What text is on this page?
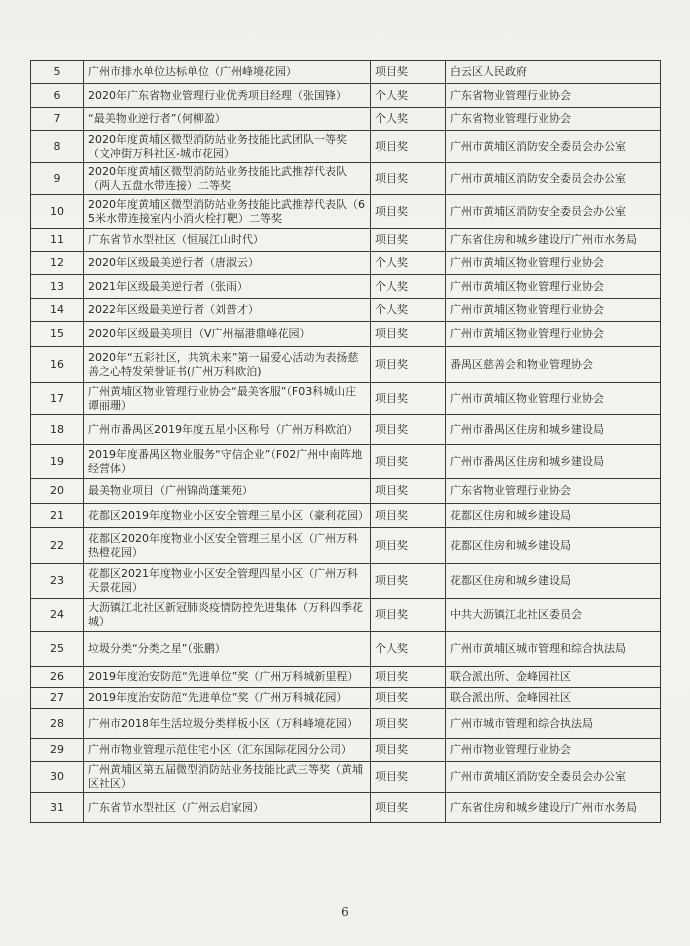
5	广州市排水单位达标单位（广州峰境花园）	项目奖	白云区人民政府
6	2020年广东省物业管理行业优秀项目经理（张国锋）	个人奖	广东省物业管理行业协会
7	“最美物业逆行者”（何柳盈）	个人奖	广东省物业管理行业协会
8	2020年度黄埔区微型消防站业务技能比武团队一等奖（文冲街万科社区-城市花园）	项目奖	广州市黄埔区消防安全委员会办公室
9	2020年度黄埔区微型消防站业务技能比武推荐代表队（两人五盘水带连接）二等奖	项目奖	广州市黄埔区消防安全委员会办公室
10	2020年度黄埔区微型消防站业务技能比武推荐代表队（65米水带连接室内小消火栓打靶）二等奖	项目奖	广州市黄埔区消防安全委员会办公室
11	广东省节水型社区（恒展江山时代）	项目奖	广东省住房和城乡建设厅广州市水务局
12	2020年区级最美逆行者（唐淑云）	个人奖	广州市黄埔区物业管理行业协会
13	2021年区级最美逆行者（张雨）	个人奖	广州市黄埔区物业管理行业协会
14	2022年区级最美逆行者（刘普才）	个人奖	广州市黄埔区物业管理行业协会
15	2020年区级最美项目（V广州福港鼎峰花园）	项目奖	广州市黄埔区物业管理行业协会
16	2020年“五彩社区，共筑未来”第一届爱心活动为表扬慈善之心特发荣誉证书(广州万科欧泊)	项目奖	番禺区慈善会和物业管理协会
17	广州黄埔区物业管理行业协会“最美客服”（F03科城山庄谭丽珊）	项目奖	广州市黄埔区物业管理行业协会
18	广州市番禺区2019年度五星小区称号（广州万科欧泊）	项目奖	广州市番禺区住房和城乡建设局
19	2019年度番禺区物业服务“守信企业”（F02广州中南阵地经营体）	项目奖	广州市番禺区住房和城乡建设局
20	最美物业项目（广州锦尚蓬莱苑）	项目奖	广东省物业管理行业协会
21	花都区2019年度物业小区安全管理三星小区（豪利花园）	项目奖	花都区住房和城乡建设局
22	花都区2020年度物业小区安全管理三星小区（广州万科热橙花园）	项目奖	花都区住房和城乡建设局
23	花都区2021年度物业小区安全管理四星小区（广州万科天景花园）	项目奖	花都区住房和城乡建设局
24	大沥镇江北社区新冠肺炎疫情防控先进集体（万科四季花城）	项目奖	中共大沥镇江北社区委员会
25	垃圾分类“分类之星”（张鹏）	个人奖	广州市黄埔区城市管理和综合执法局
26	2019年度治安防范“先进单位”奖（广州万科城新里程）	项目奖	联合派出所、金峰园社区
27	2019年度治安防范“先进单位”奖（广州万科城花园）	项目奖	联合派出所、金峰园社区
28	广州市2018年生活垃圾分类样板小区（万科峰境花园）	项目奖	广州市城市管理和综合执法局
29	广州市物业管理示范住宅小区（汇东国际花园分公司）	项目奖	广州市物业管理行业协会
30	广州黄埔区第五届微型消防站业务技能比武三等奖（黄埔区社区）	项目奖	广州市黄埔区消防安全委员会办公室
31	广东省节水型社区（广州云启家园）	项目奖	广东省住房和城乡建设厅广州市水务局
6
